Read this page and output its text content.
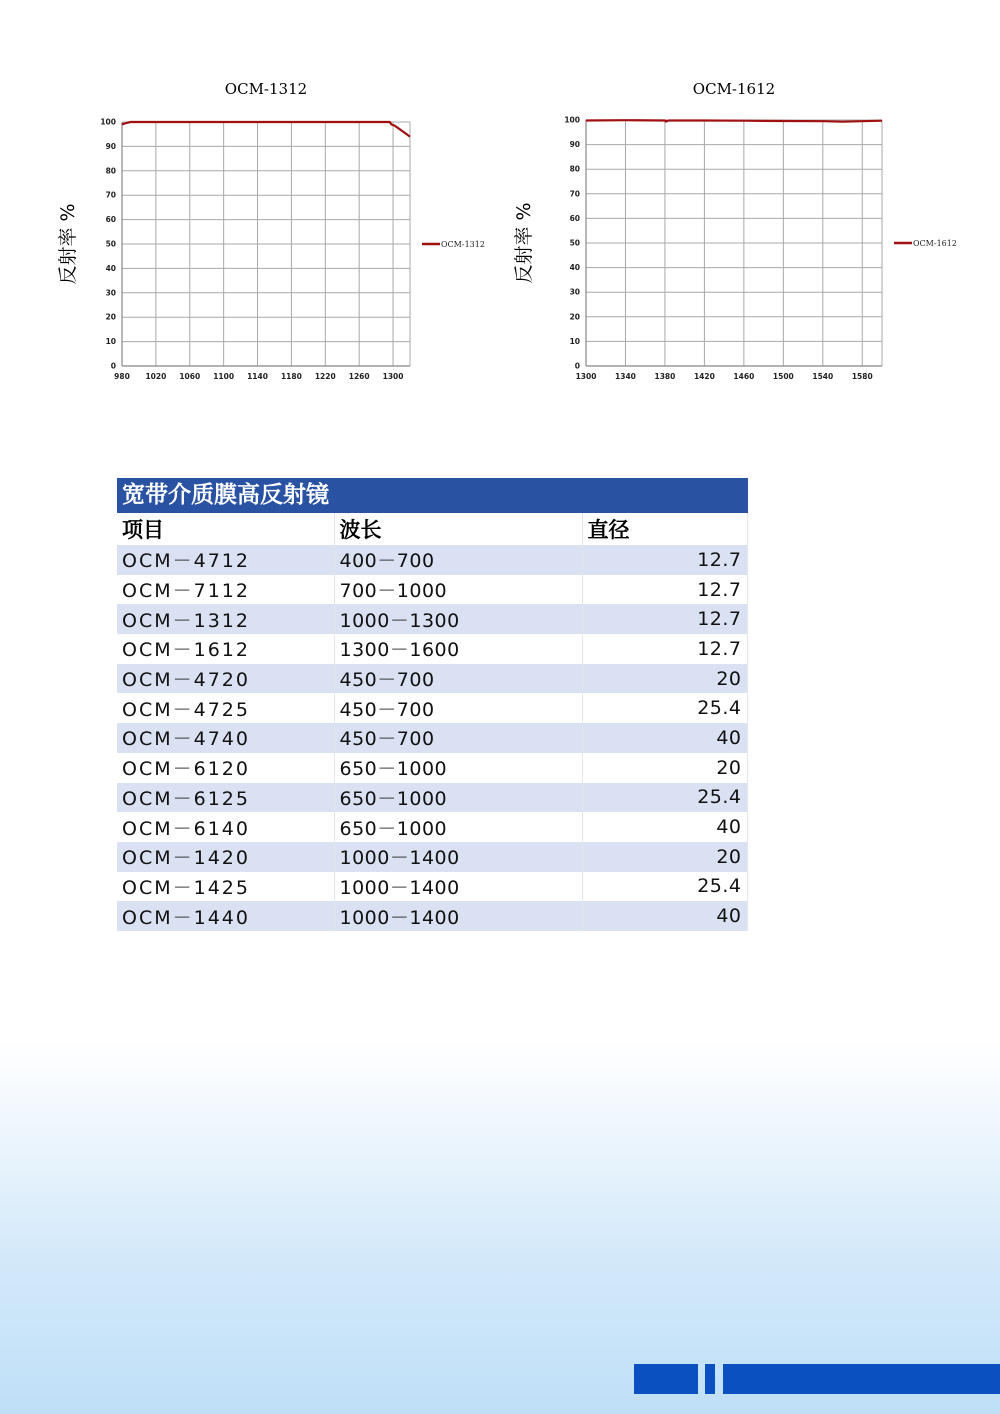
OCM-1312
反射率 %
0
10
20
30
40
50
60
70
80
90
100
980 1020 1060 1100 1140 1180 1220 1260 1300
OCM-1312
OCM-1612
反射率 %
0
10
20
30
40
50
60
70
80
90
100
1300 1340 1380 1420 1460 1500 1540 1580
OCM-1612
宽带介质膜高反射镜
项目	波长	直径
OCM－4712	400－700	12.7
OCM－7112	700－1000	12.7
OCM－1312	1000－1300	12.7
OCM－1612	1300－1600	12.7
OCM－4720	450－700	20
OCM－4725	450－700	25.4
OCM－4740	450－700	40
OCM－6120	650－1000	20
OCM－6125	650－1000	25.4
OCM－6140	650－1000	40
OCM－1420	1000－1400	20
OCM－1425	1000－1400	25.4
OCM－1440	1000－1400	40
